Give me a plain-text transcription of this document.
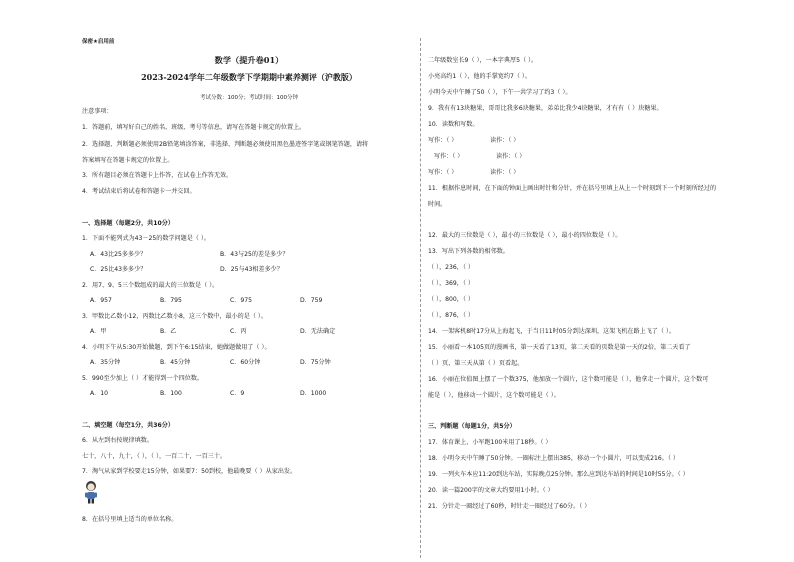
保密★启用前
数学（提升卷01）
2023-2024学年二年级数学下学期期中素养测评（沪教版）
考试分数：100分；考试时间：100分钟
注意事项：
1．答题前，填写好自己的姓名、班级、考号等信息，请写在答题卡规定的位置上。
2．选择题、判断题必须使用2B铅笔填涂答案，非选择、判断题必须使用黑色墨迹签字笔或钢笔答题，请将
答案填写在答题卡规定的位置上。
3．所有题目必须在答题卡上作答，在试卷上作答无效。
4．考试结束后将试卷和答题卡一并交回。
一、选择题（每题2分，共10分）
1．下面不能列式为43－25的数学问题是（ ）。
A．43比25多多少？	B．43与25的差是多少？
C．25比43多多少？	D．25与43相差多少？
2．用7、9、5三个数组成的最大的三位数是（ ）。
A．957	B．795	C．975	D．759
3．甲数比乙数小12，丙数比乙数小8，这三个数中，最小的是（ ）。
A．甲	B．乙	C．丙	D．无法确定
4．小明下午从5:30开始做题，到下午6:15结束，她做题做用了（ ）。
A．35分钟	B．45分钟	C．60分钟	D．75分钟
5．990至少加上（ ）才能得到一个四位数。
A．10	B．100	C．9	D．1000
二、填空题（每空1分，共36分）
6．从左到右按规律填数。
七十，八十，九十，（ ），（ ），一百二十，一百三十。
7．淘气从家到学校要走15分钟，如果要7：50到校，他最晚要（ ）从家出发。
8．在括号里填上适当的单位名称。
二年级数室长9（ ），一本字典厚5（ ）。
小亮高约1（ ），他的手掌宽约7（ ）。
小明今天中午睡了50（ ），下午一共学习了约3（ ）。
9．我有有13块糖果，哥哥比我多6块糖果，弟弟比我少4块糖果，才有有（ ）块糖果。
10．读数和写数。
写作：（ ）	读作：（ ）
写作：（ ）	读作：（ ）
写作：（ ）	读作：（ ）
11．根据作息时间，在下面的钟面上画出时针和分针，并在括号里填上从上一个时刻到下一个时刻所经过的
时间。
12．最大的三位数是（ ），最小的三位数是（ ），最小的四位数是（ ）。
13．写出下列各数的相邻数。
（ ），236，（ ）
（ ），369，（ ）
（ ），800，（ ）
（ ），876，（ ）
14．一架客机8时17分从上海起飞，于当日11时05分到达深圳，这架飞机在路上飞了（ ）。
15．小丽看一本105页的漫画书，第一天看了13页，第二天看的页数是第一天的2倍，第二天看了
（ ）页，第三天从第（ ）页看起。
16．小丽在位值图上摆了一个数375，他加放一个圆片，这个数可能是（ ），他拿走一个圆片，这个数可
能是（ ），他移动一个圆片，这个数可能是（ ）。
三、判断题（每题1分，共5分）
17．体育课上，小军跑100米用了18秒。（ ）
18．小明今天中午睡了50分钟。一圈标注上摆出385，移动一个小圆片，可以变成216。（ ）
19．一列火车本应11:20到达车站，实际晚点25分钟。那么应到达车站的时间是10时55分。（ ）
20．读一篇200字的文章大约要用1小时。（ ）
21．分针走一圈经过了60秒，时针走一圈经过了60分。（ ）
